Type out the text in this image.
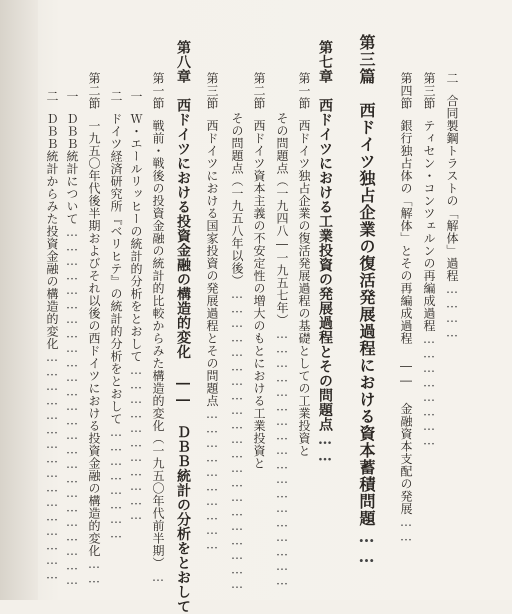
二合同製鋼トラストの「解体」過程…………
第三節ティセン・コンツェルンの再編成過程……………………
第四節銀行独占体の「解体」とその再編成過程 ―― 金融資本支配の発展……
第三篇　西ドイツ独占企業の復活発展過程における資本蓄積問題……
第七章　西ドイツにおける工業投資の発展過程とその問題点……
第一節西ドイツ独占企業の復活発展過程の基礎としての工業投資と
その問題点（一九四八―一九五七年）………………………………………………
第二節西ドイツ資本主義の不安定性の増大のもとにおける工業投資と
その問題点（一九五八年以後）………………………………………………………
第三節西ドイツにおける国家投資の発展過程とその問題点…………………………
第八章　西ドイツにおける投資金融の構造的変化 ―― ＤＢＢ統計の分析をとおして
第一節戦前・戦後の投資金融の統計的比較からみた構造的変化（一九五〇年代前半期）…
一Ｗ・エールリッヒーの統計的分析をとおして……………………………
二ドイツ経済研究所『ベリヒテ』の統計的分析をとおして……………………
第二節一九五〇年代後半期およびそれ以後の西ドイツにおける投資金融の構造的変化……
一ＤＢＢ統計について…………………………………………………………………
二ＤＢＢ統計からみた投資金融の構造的変化…………………………………………
